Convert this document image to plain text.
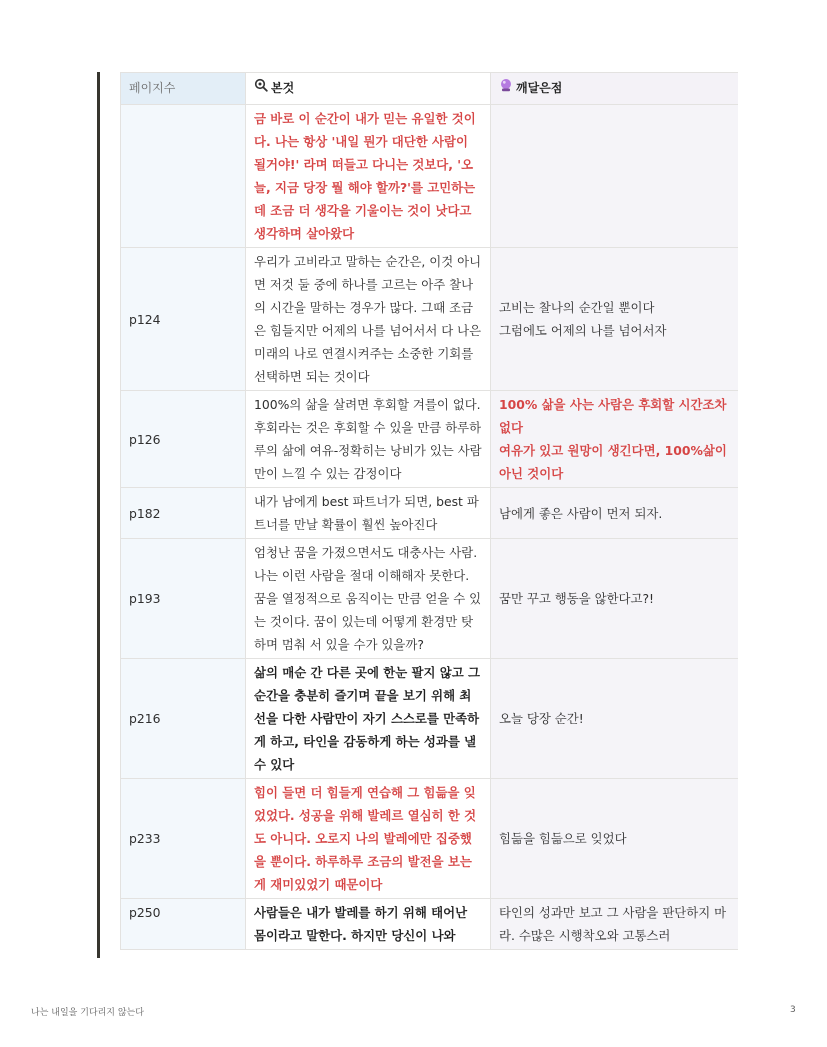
페이지수	본것	깨달은점

	금 바로 이 순간이 내가 믿는 유일한 것이다. 나는 항상 '내일 뭔가 대단한 사람이 될거야!' 라며 떠들고 다니는 것보다, '오늘, 지금 당장 뭘 해야 할까?'를 고민하는데 조금 더 생각을 기울이는 것이 낫다고 생각하며 살아왔다	

p124	우리가 고비라고 말하는 순간은, 이것 아니면 저것 둘 중에 하나를 고르는 아주 찰나의 시간을 말하는 경우가 많다. 그때 조금은 힘들지만 어제의 나를 넘어서서 다 나은 미래의 나로 연결시켜주는 소중한 기회를 선택하면 되는 것이다	고비는 찰나의 순간일 뿐이다
그럼에도 어제의 나를 넘어서자

p126	100%의 삶을 살려면 후회할 겨를이 없다. 후회라는 것은 후회할 수 있을 만큼 하루하루의 삶에 여유-정확히는 낭비가 있는 사람만이 느낄 수 있는 감정이다	100% 삶을 사는 사람은 후회할 시간조차 없다
여유가 있고 원망이 생긴다면, 100%삶이 아닌 것이다

p182	내가 남에게 best 파트너가 되면, best 파트너를 만날 확률이 훨씬 높아진다	남에게 좋은 사람이 먼저 되자.

p193	엄청난 꿈을 가졌으면서도 대충사는 사람. 나는 이런 사람을 절대 이해해자 못한다. 꿈을 열정적으로 움직이는 만큼 얻을 수 있는 것이다. 꿈이 있는데 어떻게 환경만 탓하며 멈춰 서 있을 수가 있을까?	꿈만 꾸고 행동을 않한다고?!

p216	삶의 매순 간 다른 곳에 한눈 팔지 않고 그 순간을 충분히 즐기며 끝을 보기 위해 최선을 다한 사람만이 자기 스스로를 만족하게 하고, 타인을 감동하게 하는 성과를 낼 수 있다	오늘 당장 순간!

p233	힘이 들면 더 힘들게 연습해 그 힘듦을 잊었었다. 성공을 위해 발레르 열심히 한 것도 아니다. 오로지 나의 발레에만 집중했을 뿐이다. 하루하루 조금의 발전을 보는 게 재미있었기 때문이다	힘듦을 힘듦으로 잊었다

p250	사람들은 내가 발레를 하기 위해 태어난 몸이라고 말한다. 하지만 당신이 나와	타인의 성과만 보고 그 사람을 판단하지 마라. 수많은 시행착오와 고통스러
나는 내일을 기다리지 않는다	3
